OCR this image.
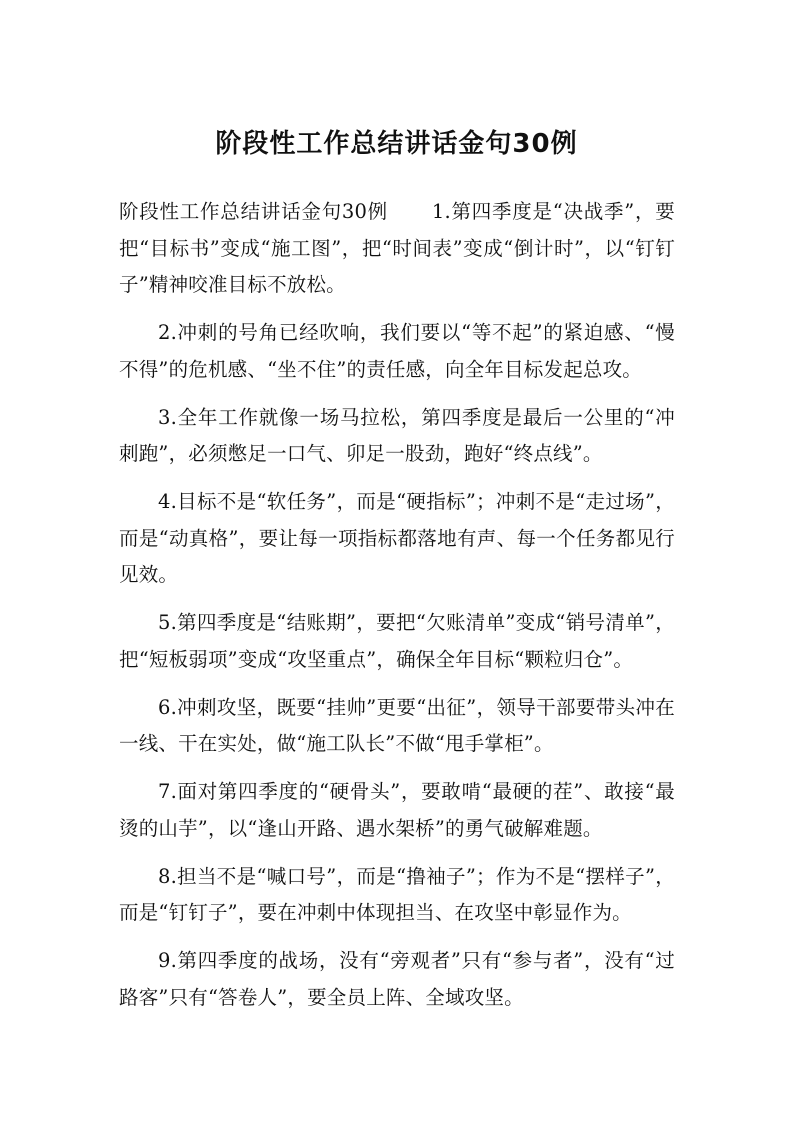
阶段性工作总结讲话金句30例

阶段性工作总结讲话金句30例 1.第四季度是“决战季”，要把“目标书”变成“施工图”，把“时间表”变成“倒计时”，以“钉钉子”精神咬准目标不放松。

2.冲刺的号角已经吹响，我们要以“等不起”的紧迫感、“慢不得”的危机感、“坐不住”的责任感，向全年目标发起总攻。

3.全年工作就像一场马拉松，第四季度是最后一公里的“冲刺跑”，必须憋足一口气、卯足一股劲，跑好“终点线”。

4.目标不是“软任务”，而是“硬指标”；冲刺不是“走过场”，而是“动真格”，要让每一项指标都落地有声、每一个任务都见行见效。

5.第四季度是“结账期”，要把“欠账清单”变成“销号清单”，把“短板弱项”变成“攻坚重点”，确保全年目标“颗粒归仓”。

6.冲刺攻坚，既要“挂帅”更要“出征”，领导干部要带头冲在一线、干在实处，做“施工队长”不做“甩手掌柜”。

7.面对第四季度的“硬骨头”，要敢啃“最硬的茬”、敢接“最烫的山芋”，以“逢山开路、遇水架桥”的勇气破解难题。

8.担当不是“喊口号”，而是“撸袖子”；作为不是“摆样子”，而是“钉钉子”，要在冲刺中体现担当、在攻坚中彰显作为。

9.第四季度的战场，没有“旁观者”只有“参与者”，没有“过路客”只有“答卷人”，要全员上阵、全域攻坚。
